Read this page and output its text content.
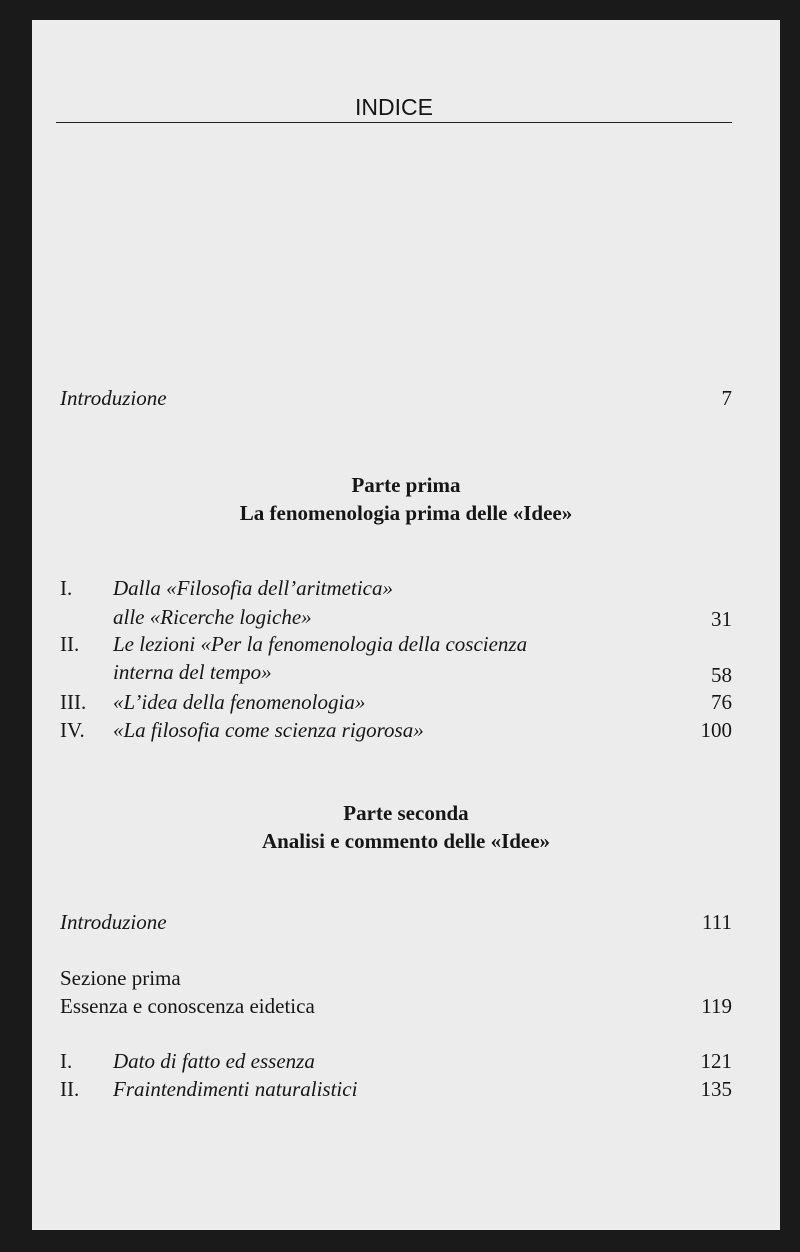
INDICE
Introduzione	7
Parte prima
La fenomenologia prima delle «Idee»
I. Dalla «Filosofia dell’aritmetica»
alle «Ricerche logiche»	31
II. Le lezioni «Per la fenomenologia della coscienza
interna del tempo»	58
III. «L’idea della fenomenologia»	76
IV. «La filosofia come scienza rigorosa»	100
Parte seconda
Analisi e commento delle «Idee»
Introduzione	111
Sezione prima
Essenza e conoscenza eidetica	119
I. Dato di fatto ed essenza	121
II. Fraintendimenti naturalistici	135
